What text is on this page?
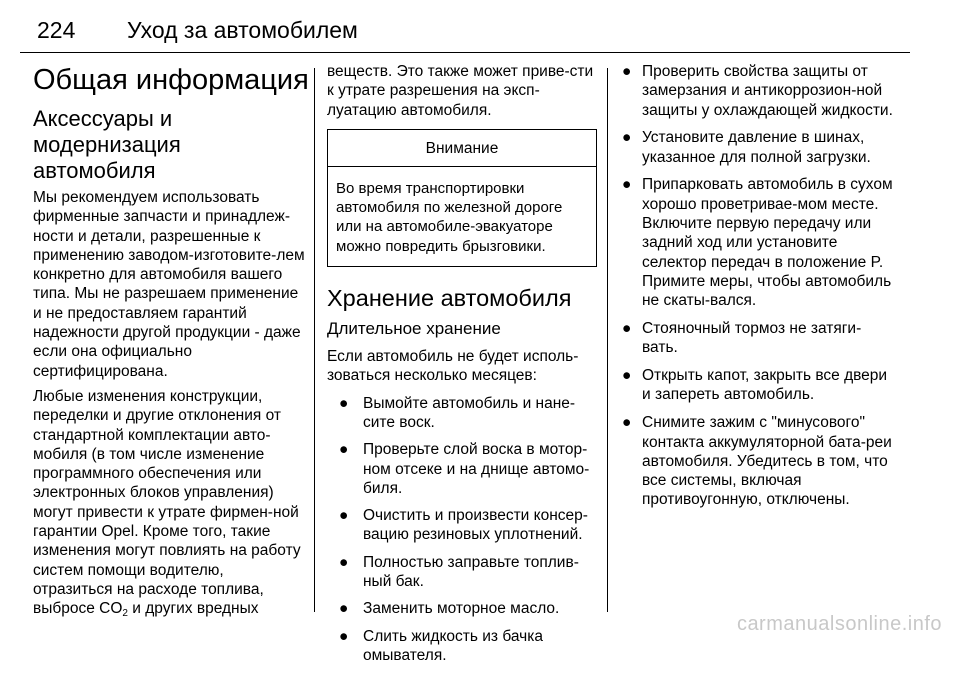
224 Уход за автомобилем
Общая информация
Аксессуары и модернизация автомобиля

Мы рекомендуем использовать фирменные запчасти и принадлеж-ности и детали, разрешенные к применению заводом-изготовите-лем конкретно для автомобиля вашего типа. Мы не разрешаем применение и не предоставляем гарантий надежности другой продукции - даже если она официально сертифицирована.

Любые изменения конструкции, переделки и другие отклонения от стандартной комплектации авто-мобиля (в том числе изменение программного обеспечения или электронных блоков управления) могут привести к утрате фирмен-ной гарантии Opel. Кроме того, такие изменения могут повлиять на работу систем помощи водителю, отразиться на расходе топлива, выбросе $CO_2$ и других вредных

веществ. Это также может приве-сти к утрате разрешения на эксп-луатацию автомобиля.

Внимание
Во время транспортировки автомобиля по железной дороге или на автомобиле-эвакуаторе можно повредить брызговики.
Хранение автомобиля
Длительное хранение

Если автомобиль не будет исполь-зоваться несколько месяцев:

● Вымойте автомобиль и нане-сите воск.
● Проверьте слой воска в мотор-ном отсеке и на днище автомо-биля.
● Очистить и произвести консер-вацию резиновых уплотнений.
● Полностью заправьте топлив-ный бак.
● Заменить моторное масло.
● Слить жидкость из бачка омывателя.
● Проверить свойства защиты от замерзания и антикоррозион-ной защиты у охлаждающей жидкости.
● Установите давление в шинах, указанное для полной загрузки.
● Припарковать автомобиль в сухом хорошо проветривае-мом месте. Включите первую передачу или задний ход или установите селектор передач в положение P. Примите меры, чтобы автомобиль не скаты-вался.
● Стояночный тормоз не затяги-вать.
● Открыть капот, закрыть все двери и запереть автомобиль.
● Снимите зажим с "минусового" контакта аккумуляторной бата-реи автомобиля. Убедитесь в том, что все системы, включая противоугонную, отключены.
carmanualsonline.info
